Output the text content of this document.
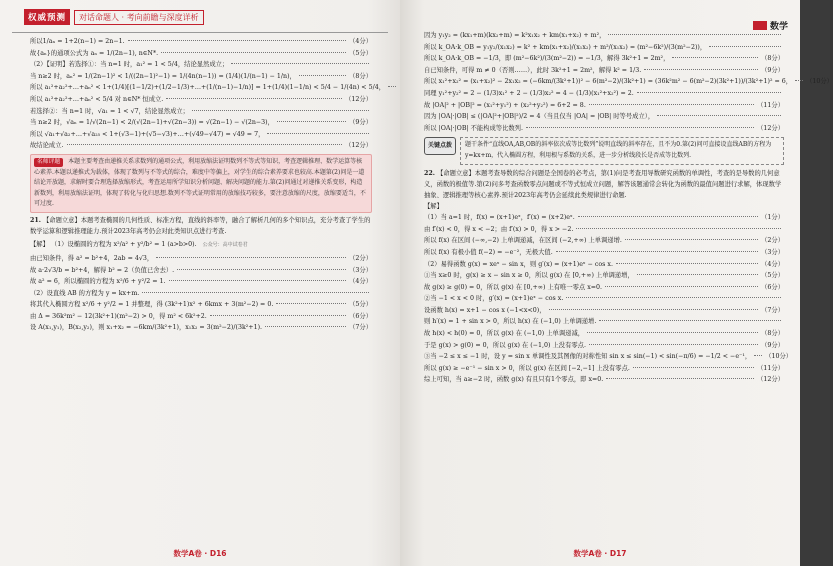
权威预测	对话命题人 · 考向前瞻与深度详析
所以1/aₙ = 1+2(n−1) = 2n−1.	（4分）
故{aₙ}的通项公式为 aₙ = 1/(2n−1), n∈N*.	（5分）
（2）【证明】若选择①：当 n=1 时，a₁² = 1 < 5/4，结论显然成立；
当 n≥2 时，aₙ² = 1/(2n−1)² < 1/((2n−1)²−1) = 1/(4n(n−1)) = (1/4)(1/(n−1) − 1/n)，	（8分）
所以 a₁²+a₂²+…+aₙ² < 1+(1/4)[(1−1/2)+(1/2−1/3)+…+(1/(n−1)−1/n)] = 1+(1/4)(1−1/n) < 5/4 − 1/(4n) < 5/4，
所以 a₁²+a₂²+…+aₙ² < 5/4 对 n∈N* 恒成立.	（12分）
若选择②：当 n=1 时，√a₁ = 1 < √7，结论显然成立；
当 n≥2 时，√aₙ = 1/√(2n−1) < 2/(√(2n−1)+√(2n−3)) = √(2n−1) − √(2n−3)，	（9分）
所以 √a₁+√a₂+…+√a₂₅ < 1+(√3−1)+(√5−√3)+…+(√49−√47) = √49 = 7，
故结论成立.	（12分）
名师评题 本题主要考查由递推关系求数列的通项公式，利用放缩法证明数列不等式等知识，考查逻辑推理、数学运算等核心素养.本题以递推式为载体，体现了数列与不等式的综合，难度中等偏上，对学生的综合素养要求也较高.本题第(2)问是一道结论开放题，求解时要合理选择放缩形式，考查运用所学知识分析问题、解决问题的能力.第(2)问通过对递推关系变形，构造新数列，利用放缩法证明，体现了转化与化归思想.数列不等式证明常用的放缩技巧较多，要注意放缩的尺度，放缩要适当，不可过度.
21. 【命题立意】本题考查椭圆的几何性质、标准方程，直线的斜率等，融合了解析几何的多个知识点，充分考查了学生的数学运算和逻辑推理能力.预计2023年高考仍会对此类知识点进行考查.
【解】 （1）设椭圆的方程为 x²/a² + y²/b² = 1 (a>b>0). 公众号：高中试卷君
由已知条件，得 a² = b²+4，2ab = 4√3，	（2分）
故 a·2√3/b = b²+4，解得 b² = 2（负值已舍去）.	（3分）
故 a² = 6，所以椭圆的方程为 x²/6 + y²/2 = 1.	（4分）
（2）设直线 AB 的方程为 y = kx+m.
将其代入椭圆方程 x²/6 + y²/2 = 1 并整理，得 (3k²+1)x² + 6kmx + 3(m²−2) = 0.	（5分）
由 Δ = 36k²m² − 12(3k²+1)(m²−2) > 0，得 m² < 6k²+2.	（6分）
设 A(x₁,y₁)，B(x₂,y₂)，则 x₁+x₂ = −6km/(3k²+1)，x₁x₂ = 3(m²−2)/(3k²+1).	（7分）
数学A卷 · D16
数学
因为 y₁y₂ = (kx₁+m)(kx₂+m) = k²x₁x₂ + km(x₁+x₂) + m²，
所以 k_OA·k_OB = y₁y₂/(x₁x₂) = k² + km(x₁+x₂)/(x₁x₂) + m²/(x₁x₂) = (m²−6k²)/(3(m²−2))，
所以 k_OA·k_OB = −1/3，即 (m²−6k²)/(3(m²−2)) = −1/3，解得 3k²+1 = 2m²，	（8分）
自已知条件，可得 m ≠ 0（否则……），此时 3k²+1 = 2m²，解得 k² = 1/3.	（9分）
所以 x₁²+x₂² = (x₁+x₂)² − 2x₁x₂ = (−6km/(3k²+1))² − 6(m²−2)/(3k²+1) = (36k²m² − 6(m²−2)(3k²+1))/(3k²+1)² = 6， （10分）
同理 y₁²+y₂² = 2 − (1/3)x₁² + 2 − (1/3)x₂² = 4 − (1/3)(x₁²+x₂²) = 2.
故 |OA|² + |OB|² = (x₁²+y₁²) + (x₂²+y₂²) = 6+2 = 8.	（11分）
因为 |OA|·|OB| ≤ (|OA|²+|OB|²)/2 = 4（当且仅当 |OA| = |OB| 时等号成立），
所以 |OA|·|OB| 不能构成等比数列.	（12分）
关键点拨	题干条件“直线OA,AB,OB的斜率依次成等比数列”说明直线的斜率存在，且不为0.第(2)问可直接设直线AB的方程为 y=kx+m，代入椭圆方程，利用根与系数的关系，进一步分析线段长是否成等比数列.
22. 【命题立意】本题考查导数的综合问题是全国卷的必考点，第(1)问是考查用导数研究函数的单调性，考查的是导数的几何意义，函数的极值等.第(2)问多考查函数零点问题或不等式恒成立问题，解答该题通常会转化为函数的最值问题进行求解，体现数学抽象、逻辑推理等核心素养.预计2023年高考仍会延续此类规律进行命题.
【解】
（1）当 a=1 时，f(x) = (x+1)eˣ，f′(x) = (x+2)eˣ.	（1分）
由 f′(x) < 0，得 x < −2；由 f′(x) > 0，得 x > −2.
所以 f(x) 在区间 (−∞,−2) 上单调递减，在区间 (−2,+∞) 上单调递增.	（2分）
所以 f(x) 有极小值 f(−2) = −e⁻²，无极大值.	（3分）
（2）易得函数 g(x) = xeˣ − sin x，则 g′(x) = (x+1)eˣ − cos x.	（4分）
①当 x≥0 时，g(x) ≥ x − sin x ≥ 0，所以 g(x) 在 [0,+∞) 上单调递增，	（5分）
故 g(x) ≥ g(0) = 0，所以 g(x) 在 [0,+∞) 上有唯一零点 x=0.	（6分）
②当 −1 < x < 0 时，g′(x) = (x+1)eˣ − cos x.
设函数 h(x) = x+1 − cos x (−1<x<0)，	（7分）
则 h′(x) = 1 + sin x > 0，所以 h(x) 在 (−1,0) 上单调递增.
故 h(x) < h(0) = 0，所以 g(x) 在 (−1,0) 上单调递减，	（8分）
于是 g(x) > g(0) = 0，所以 g(x) 在 (−1,0) 上没有零点.	（9分）
③当 −2 ≤ x ≤ −1 时，设 y = sin x 单调性及其图像的对称性知 sin x ≤ sin(−1) < sin(−π/6) = −1/2 < −e⁻¹， （10分）
所以 g(x) ≥ −e⁻¹ − sin x > 0，所以 g(x) 在区间 [−2,−1] 上没有零点.	（11分）
综上可知，当 a≥−2 时，函数 g(x) 有且只有1个零点，即 x=0.	（12分）
数学A卷 · D17
